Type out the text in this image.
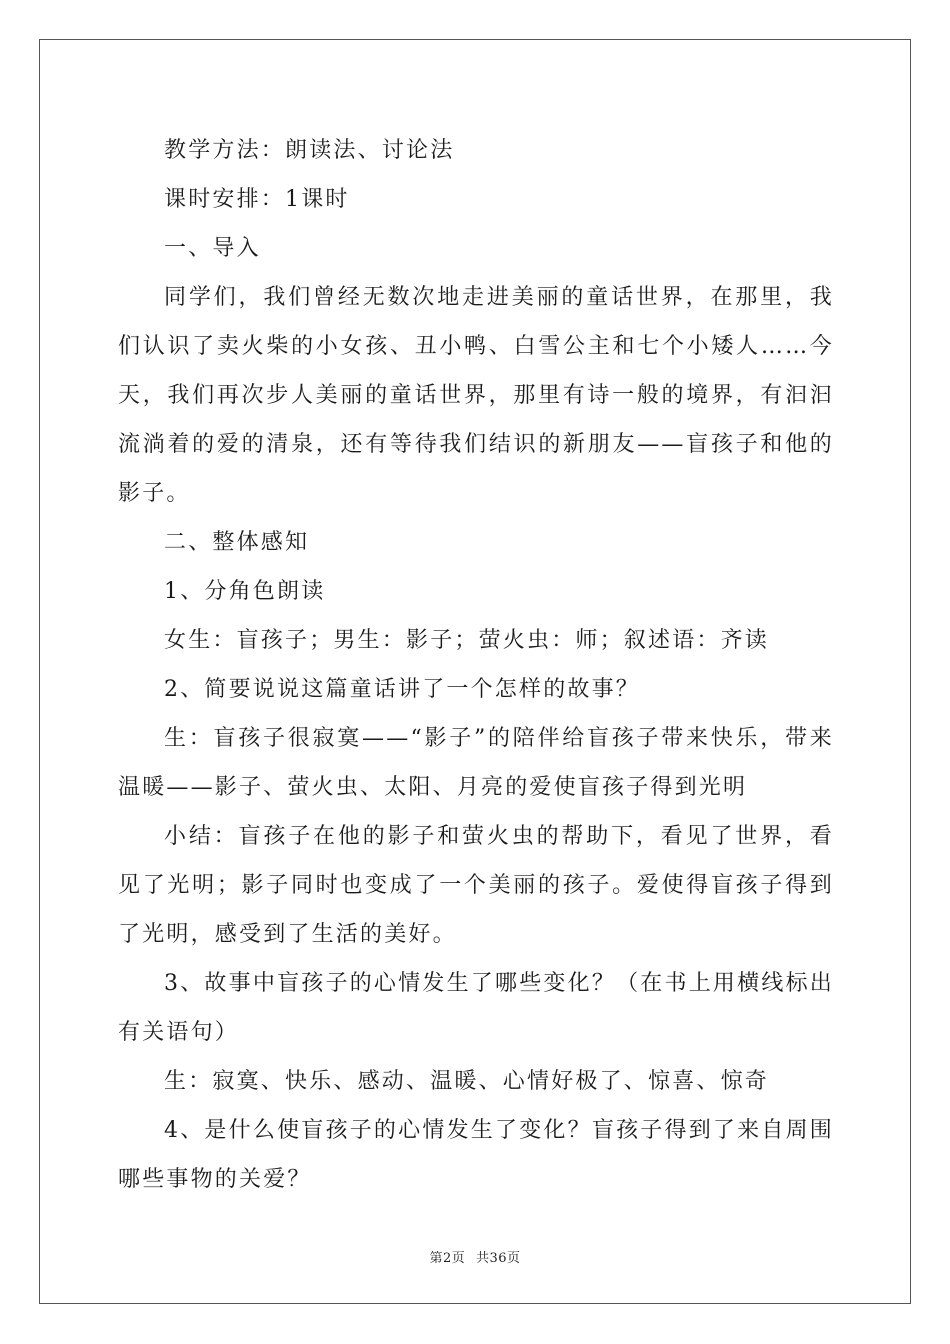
教学方法：朗读法、讨论法

课时安排：1课时

一、导入

同学们，我们曾经无数次地走进美丽的童话世界，在那里，我们认识了卖火柴的小女孩、丑小鸭、白雪公主和七个小矮人……今天，我们再次步人美丽的童话世界，那里有诗一般的境界，有汩汩流淌着的爱的清泉，还有等待我们结识的新朋友——盲孩子和他的影子。

二、整体感知

1、分角色朗读

女生：盲孩子；男生：影子；萤火虫：师；叙述语：齐读

2、简要说说这篇童话讲了一个怎样的故事？

生：盲孩子很寂寞——“影子”的陪伴给盲孩子带来快乐，带来温暖——影子、萤火虫、太阳、月亮的爱使盲孩子得到光明

小结：盲孩子在他的影子和萤火虫的帮助下，看见了世界，看见了光明；影子同时也变成了一个美丽的孩子。爱使得盲孩子得到了光明，感受到了生活的美好。

3、故事中盲孩子的心情发生了哪些变化？（在书上用横线标出有关语句）

生：寂寞、快乐、感动、温暖、心情好极了、惊喜、惊奇

4、是什么使盲孩子的心情发生了变化？盲孩子得到了来自周围哪些事物的关爱？

第2页 共36页
